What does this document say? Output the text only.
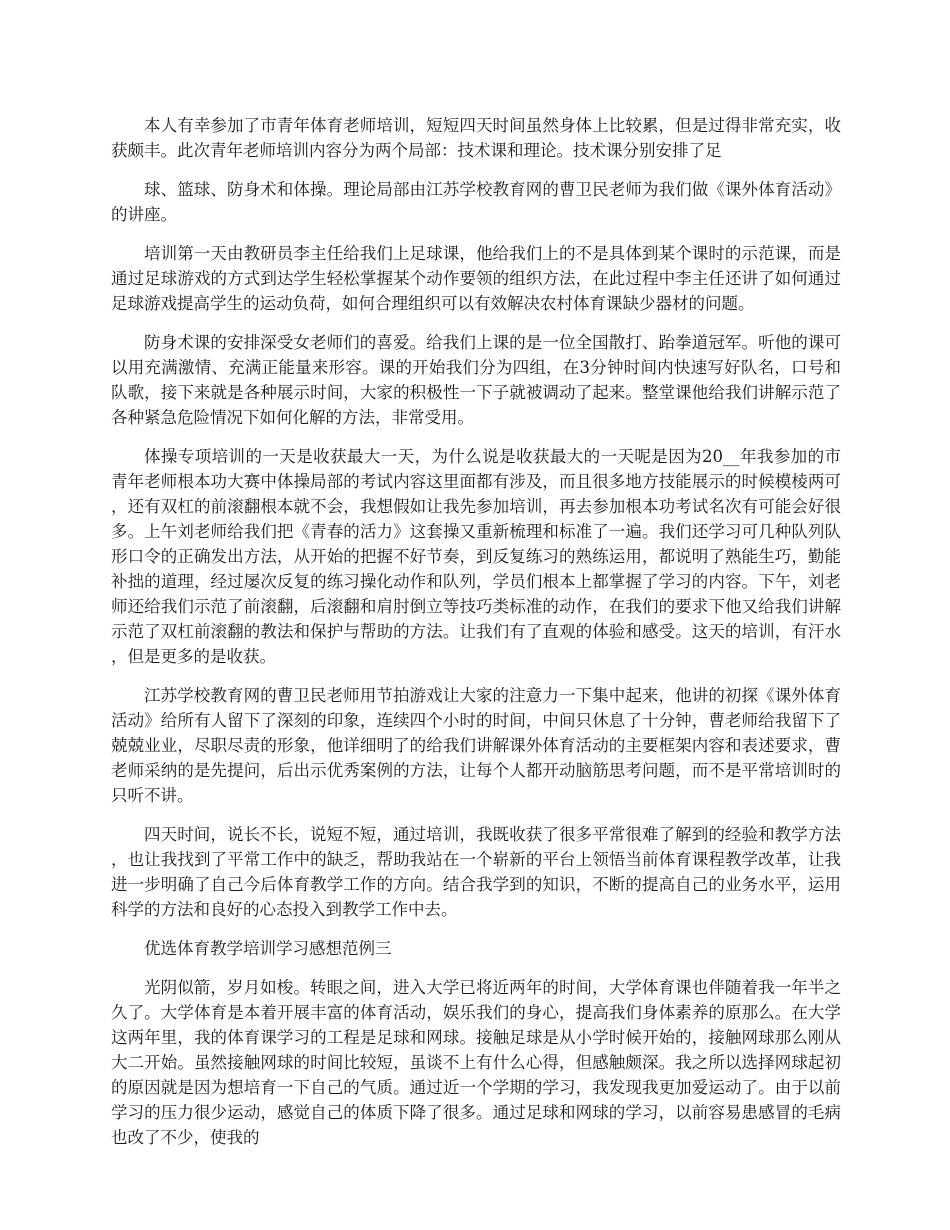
本人有幸参加了市青年体育老师培训，短短四天时间虽然身体上比较累，但是过得非常充实，收获颇丰。此次青年老师培训内容分为两个局部：技术课和理论。技术课分别安排了足

球、篮球、防身术和体操。理论局部由江苏学校教育网的曹卫民老师为我们做《课外体育活动》的讲座。

培训第一天由教研员李主任给我们上足球课，他给我们上的不是具体到某个课时的示范课，而是通过足球游戏的方式到达学生轻松掌握某个动作要领的组织方法，在此过程中李主任还讲了如何通过足球游戏提高学生的运动负荷，如何合理组织可以有效解决农村体育课缺少器材的问题。

防身术课的安排深受女老师们的喜爱。给我们上课的是一位全国散打、跆拳道冠军。听他的课可以用充满激情、充满正能量来形容。课的开始我们分为四组，在3分钟时间内快速写好队名，口号和队歌，接下来就是各种展示时间，大家的积极性一下子就被调动了起来。整堂课他给我们讲解示范了各种紧急危险情况下如何化解的方法，非常受用。

体操专项培训的一天是收获最大一天，为什么说是收获最大的一天呢是因为20__年我参加的市青年老师根本功大赛中体操局部的考试内容这里面都有涉及，而且很多地方技能展示的时候模棱两可，还有双杠的前滚翻根本就不会，我想假如让我先参加培训，再去参加根本功考试名次有可能会好很多。上午刘老师给我们把《青春的活力》这套操又重新梳理和标准了一遍。我们还学习可几种队列队形口令的正确发出方法，从开始的把握不好节奏，到反复练习的熟练运用，都说明了熟能生巧，勤能补拙的道理，经过屡次反复的练习操化动作和队列，学员们根本上都掌握了学习的内容。下午，刘老师还给我们示范了前滚翻，后滚翻和肩肘倒立等技巧类标准的动作，在我们的要求下他又给我们讲解示范了双杠前滚翻的教法和保护与帮助的方法。让我们有了直观的体验和感受。这天的培训，有汗水，但是更多的是收获。

江苏学校教育网的曹卫民老师用节拍游戏让大家的注意力一下集中起来，他讲的初探《课外体育活动》给所有人留下了深刻的印象，连续四个小时的时间，中间只休息了十分钟，曹老师给我留下了兢兢业业，尽职尽责的形象，他详细明了的给我们讲解课外体育活动的主要框架内容和表述要求，曹老师采纳的是先提问，后出示优秀案例的方法，让每个人都开动脑筋思考问题，而不是平常培训时的只听不讲。

四天时间，说长不长，说短不短，通过培训，我既收获了很多平常很难了解到的经验和教学方法，也让我找到了平常工作中的缺乏，帮助我站在一个崭新的平台上领悟当前体育课程教学改革，让我进一步明确了自己今后体育教学工作的方向。结合我学到的知识，不断的提高自己的业务水平，运用科学的方法和良好的心态投入到教学工作中去。

优选体育教学培训学习感想范例三

光阴似箭，岁月如梭。转眼之间，进入大学已将近两年的时间，大学体育课也伴随着我一年半之久了。大学体育是本着开展丰富的体育活动，娱乐我们的身心，提高我们身体素养的原那么。在大学这两年里，我的体育课学习的工程是足球和网球。接触足球是从小学时候开始的，接触网球那么刚从大二开始。虽然接触网球的时间比较短，虽谈不上有什么心得，但感触颇深。我之所以选择网球起初的原因就是因为想培育一下自己的气质。通过近一个学期的学习，我发现我更加爱运动了。由于以前学习的压力很少运动，感觉自己的体质下降了很多。通过足球和网球的学习，以前容易患感冒的毛病也改了不少，使我的
